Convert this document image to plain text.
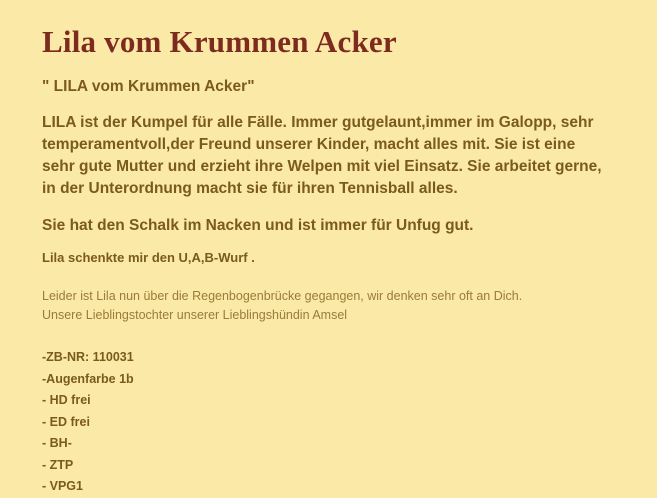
Lila vom Krummen Acker
" LILA vom Krummen Acker"

LILA ist der Kumpel für alle Fälle. Immer gutgelaunt,immer im Galopp, sehr temperamentvoll,der Freund unserer Kinder, macht alles mit. Sie ist eine sehr gute Mutter und erzieht ihre Welpen mit viel Einsatz. Sie arbeitet gerne, in der Unterordnung macht sie für ihren Tennisball alles.

Sie hat den Schalk im Nacken und ist immer für Unfug gut.

Lila schenkte mir den U,A,B-Wurf .

Leider ist Lila nun über die Regenbogenbrücke gegangen, wir denken sehr oft an Dich.
Unsere Lieblingstochter unserer Lieblingshündin Amsel
-ZB-NR: 110031
-Augenfarbe 1b
- HD frei
- ED frei
- BH-
- ZTP
- VPG1
